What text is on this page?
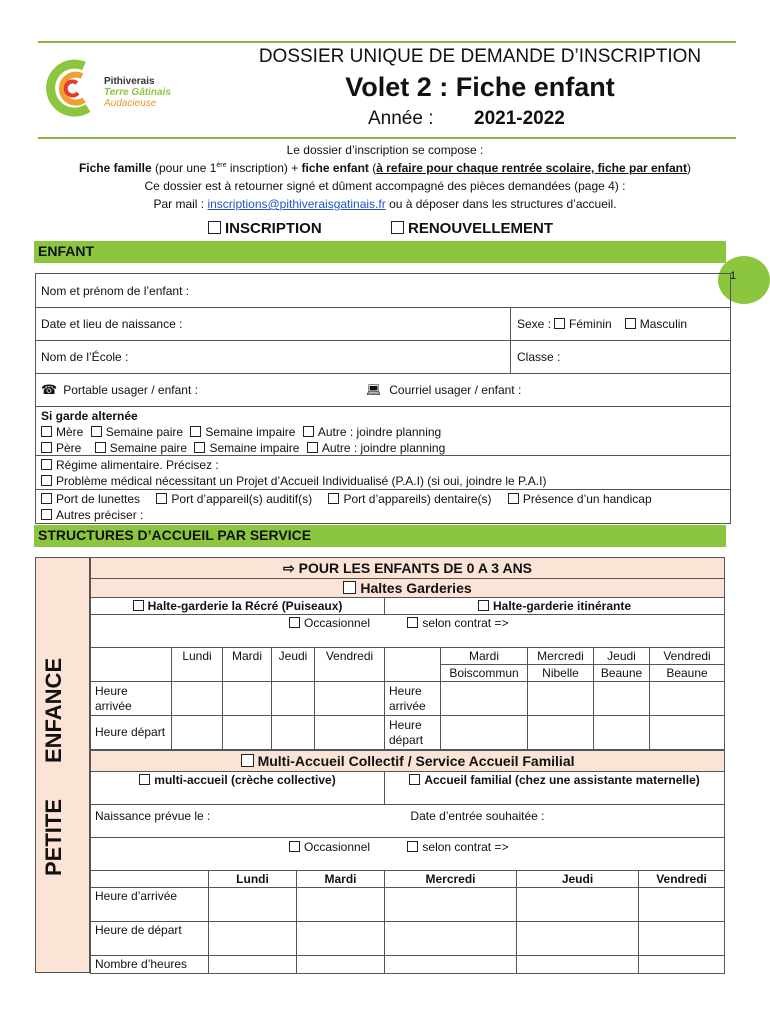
Pithiverais
Terre Gâtinais
Audacieuse
DOSSIER UNIQUE DE DEMANDE D’INSCRIPTION
Volet 2 : Fiche enfant
Année : 2021-2022
Le dossier d’inscription se compose :
Fiche famille (pour une 1ère inscription) + fiche enfant (à refaire pour chaque rentrée scolaire, fiche par enfant)
Ce dossier est à retourner signé et dûment accompagné des pièces demandées (page 4) :
Par mail : inscriptions@pithiveraisgatinais.fr ou à déposer dans les structures d’accueil.
INSCRIPTION	RENOUVELLEMENT
ENFANT
1
Nom et prénom de l’enfant :
Date et lieu de naissance :	Sexe :	Féminin	Masculin
Nom de l’École :	Classe :
☎ Portable usager / enfant :	💻︎ Courriel usager / enfant :
Si garde alternée
Mère Semaine paire Semaine impaire Autre : joindre planning
Père Semaine paire Semaine impaire Autre : joindre planning
Régime alimentaire. Précisez :
Problème médical nécessitant un Projet d’Accueil Individualisé (P.A.I) (si oui, joindre le P.A.I)
Port de lunettes	Port d’appareil(s) auditif(s)	Port d’appareils) dentaire(s)	Présence d’un handicap
Autres préciser :
STRUCTURES D’ACCUEIL PAR SERVICE
ENFANCE
PETITE
⇨ POUR LES ENFANTS DE 0 A 3 ANS									
Haltes Garderies									
Halte-garderie la Récré (Puiseaux)					Halte-garderie itinérante				
Occasionnel selon contrat =>									
	Lundi	Mardi	Jeudi	Vendredi		Mardi	Mercredi	Jeudi	Vendredi
						Boiscommun	Nibelle	Beaune	Beaune
Heure arrivée					Heure arrivée				
Heure départ					Heure départ				
Multi-Accueil Collectif / Service Accueil Familial					
multi-accueil (crèche collective)			Accueil familial (chez une assistante maternelle)		
Naissance prévue le : Date d’entrée souhaitée :					

Occasionnel selon contrat =>					
	Lundi	Mardi	Mercredi	Jeudi	Vendredi
Heure d’arrivée					
Heure de départ					
Nombre d’heures					
